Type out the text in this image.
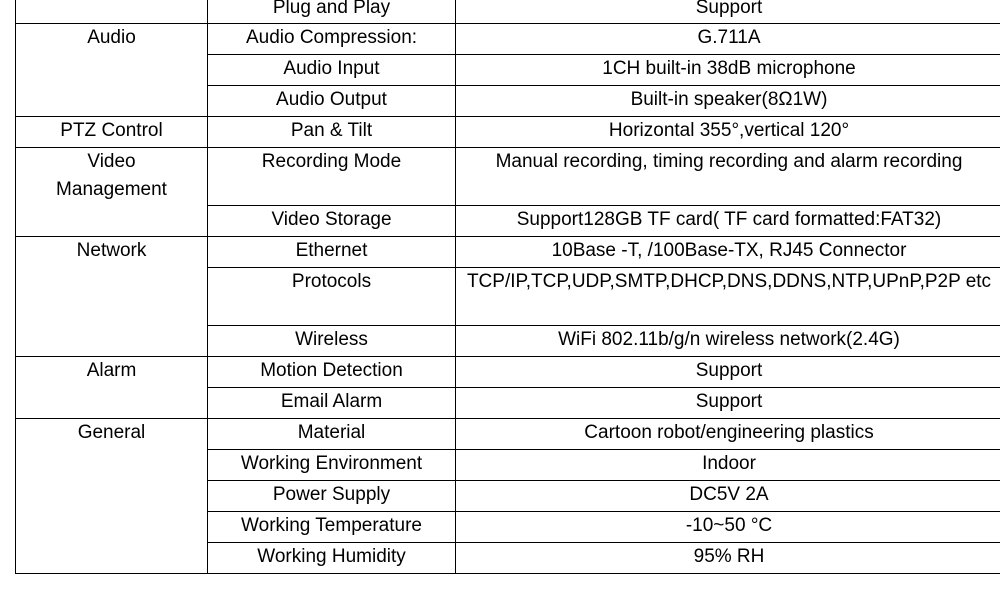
	Plug and Play	Support
Audio	Audio Compression:	G.711A
	Audio Input	1CH built-in 38dB microphone
	Audio Output	Built-in speaker(8Ω1W)
PTZ Control	Pan & Tilt	Horizontal 355°,vertical 120°
Video Management	Recording Mode	Manual recording, timing recording and alarm recording
	Video Storage	Support128GB TF card( TF card formatted:FAT32)
Network	Ethernet	10Base -T, /100Base-TX, RJ45 Connector
	Protocols	TCP/IP,TCP,UDP,SMTP,DHCP,DNS,DDNS,NTP,UPnP,P2P etc
	Wireless	WiFi 802.11b/g/n wireless network(2.4G)
Alarm	Motion Detection	Support
	Email Alarm	Support
General	Material	Cartoon robot/engineering plastics
	Working Environment	Indoor
	Power Supply	DC5V 2A
	Working Temperature	-10~50 °C
	Working Humidity	95% RH
